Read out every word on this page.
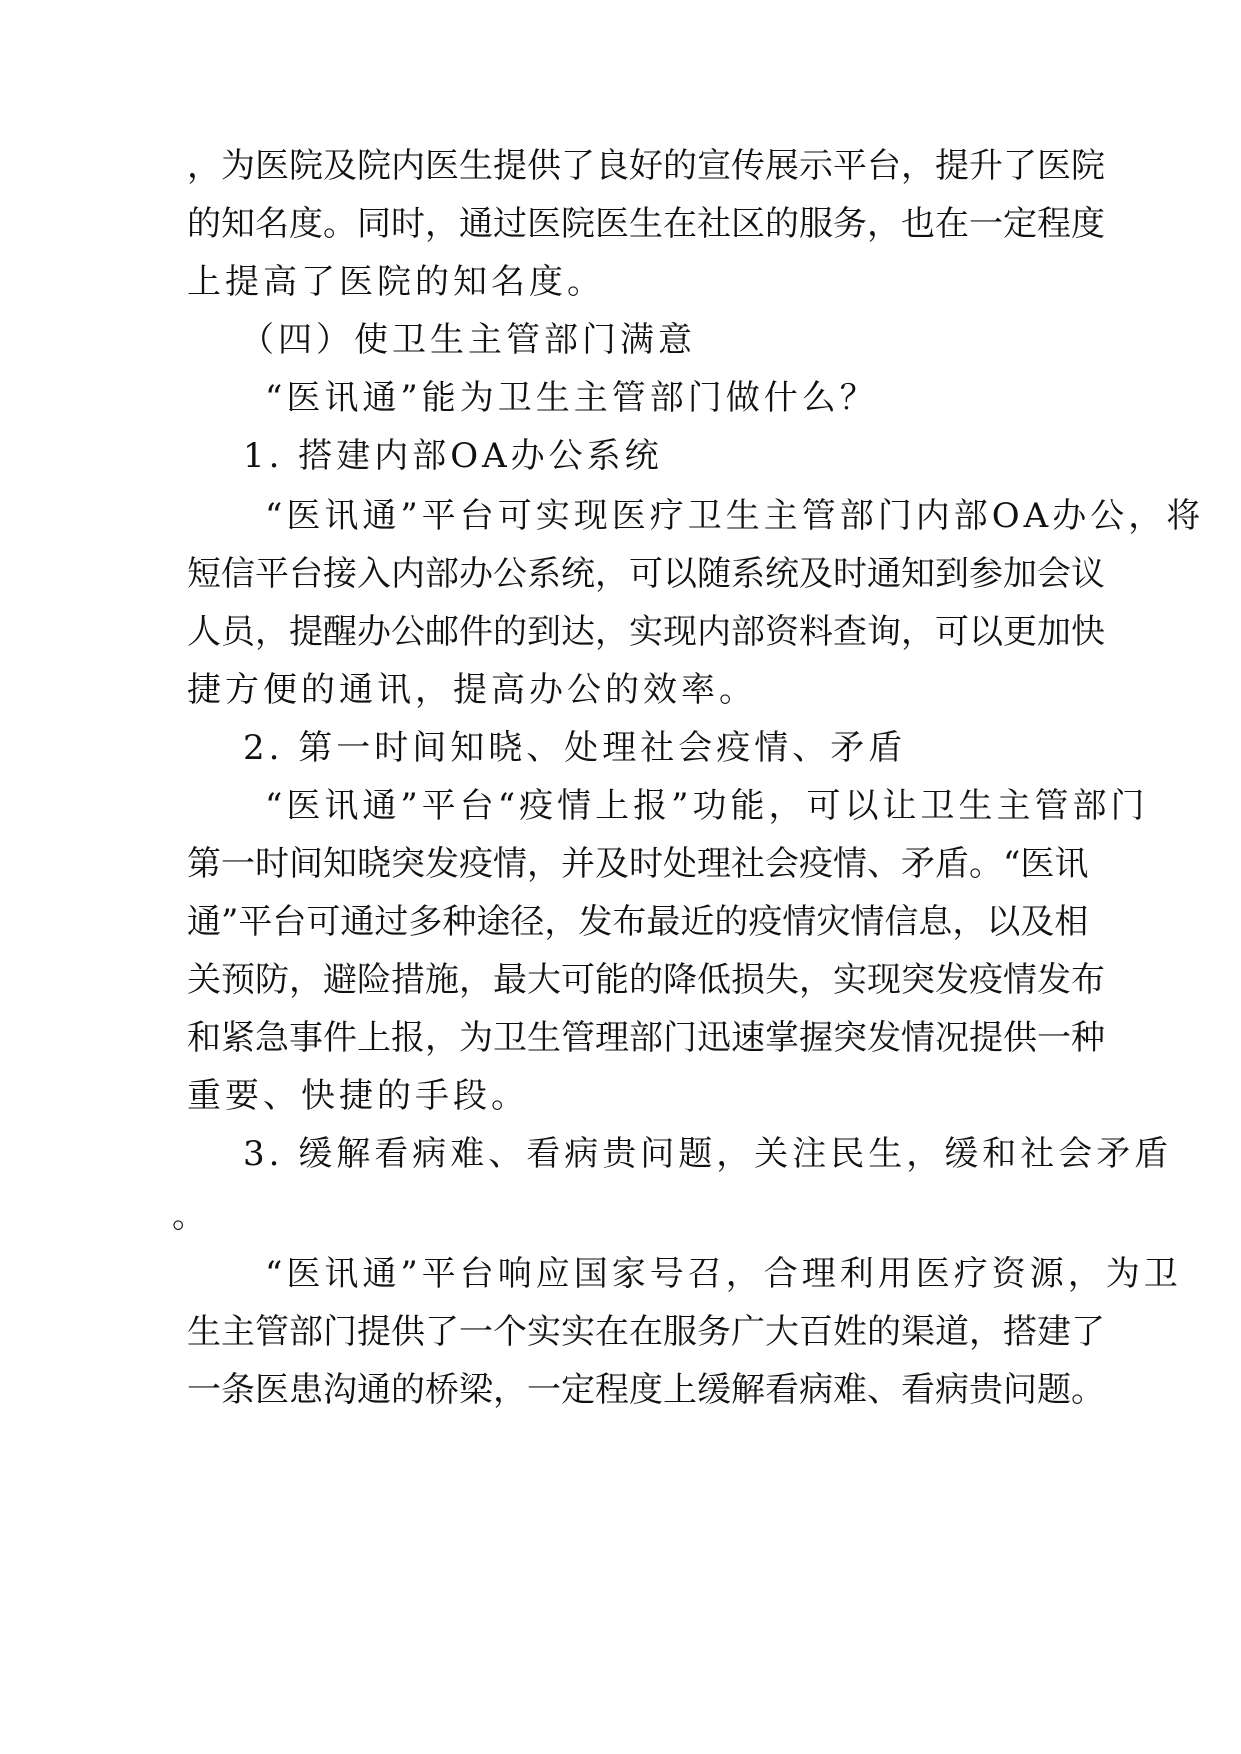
，为医院及院内医生提供了良好的宣传展示平台，提升了医院
的知名度。同时，通过医院医生在社区的服务，也在一定程度
上提高了医院的知名度。
（四）使卫生主管部门满意
“医讯通”能为卫生主管部门做什么？
1. 搭建内部OA办公系统
“医讯通”平台可实现医疗卫生主管部门内部OA办公，将
短信平台接入内部办公系统，可以随系统及时通知到参加会议
人员，提醒办公邮件的到达，实现内部资料查询，可以更加快
捷方便的通讯，提高办公的效率。
2. 第一时间知晓、处理社会疫情、矛盾
“医讯通”平台“疫情上报”功能，可以让卫生主管部门
第一时间知晓突发疫情，并及时处理社会疫情、矛盾。“医讯
通”平台可通过多种途径，发布最近的疫情灾情信息，以及相
关预防，避险措施，最大可能的降低损失，实现突发疫情发布
和紧急事件上报，为卫生管理部门迅速掌握突发情况提供一种
重要、快捷的手段。
3. 缓解看病难、看病贵问题，关注民生，缓和社会矛盾
。
“医讯通”平台响应国家号召，合理利用医疗资源，为卫
生主管部门提供了一个实实在在服务广大百姓的渠道，搭建了
一条医患沟通的桥梁，一定程度上缓解看病难、看病贵问题。
